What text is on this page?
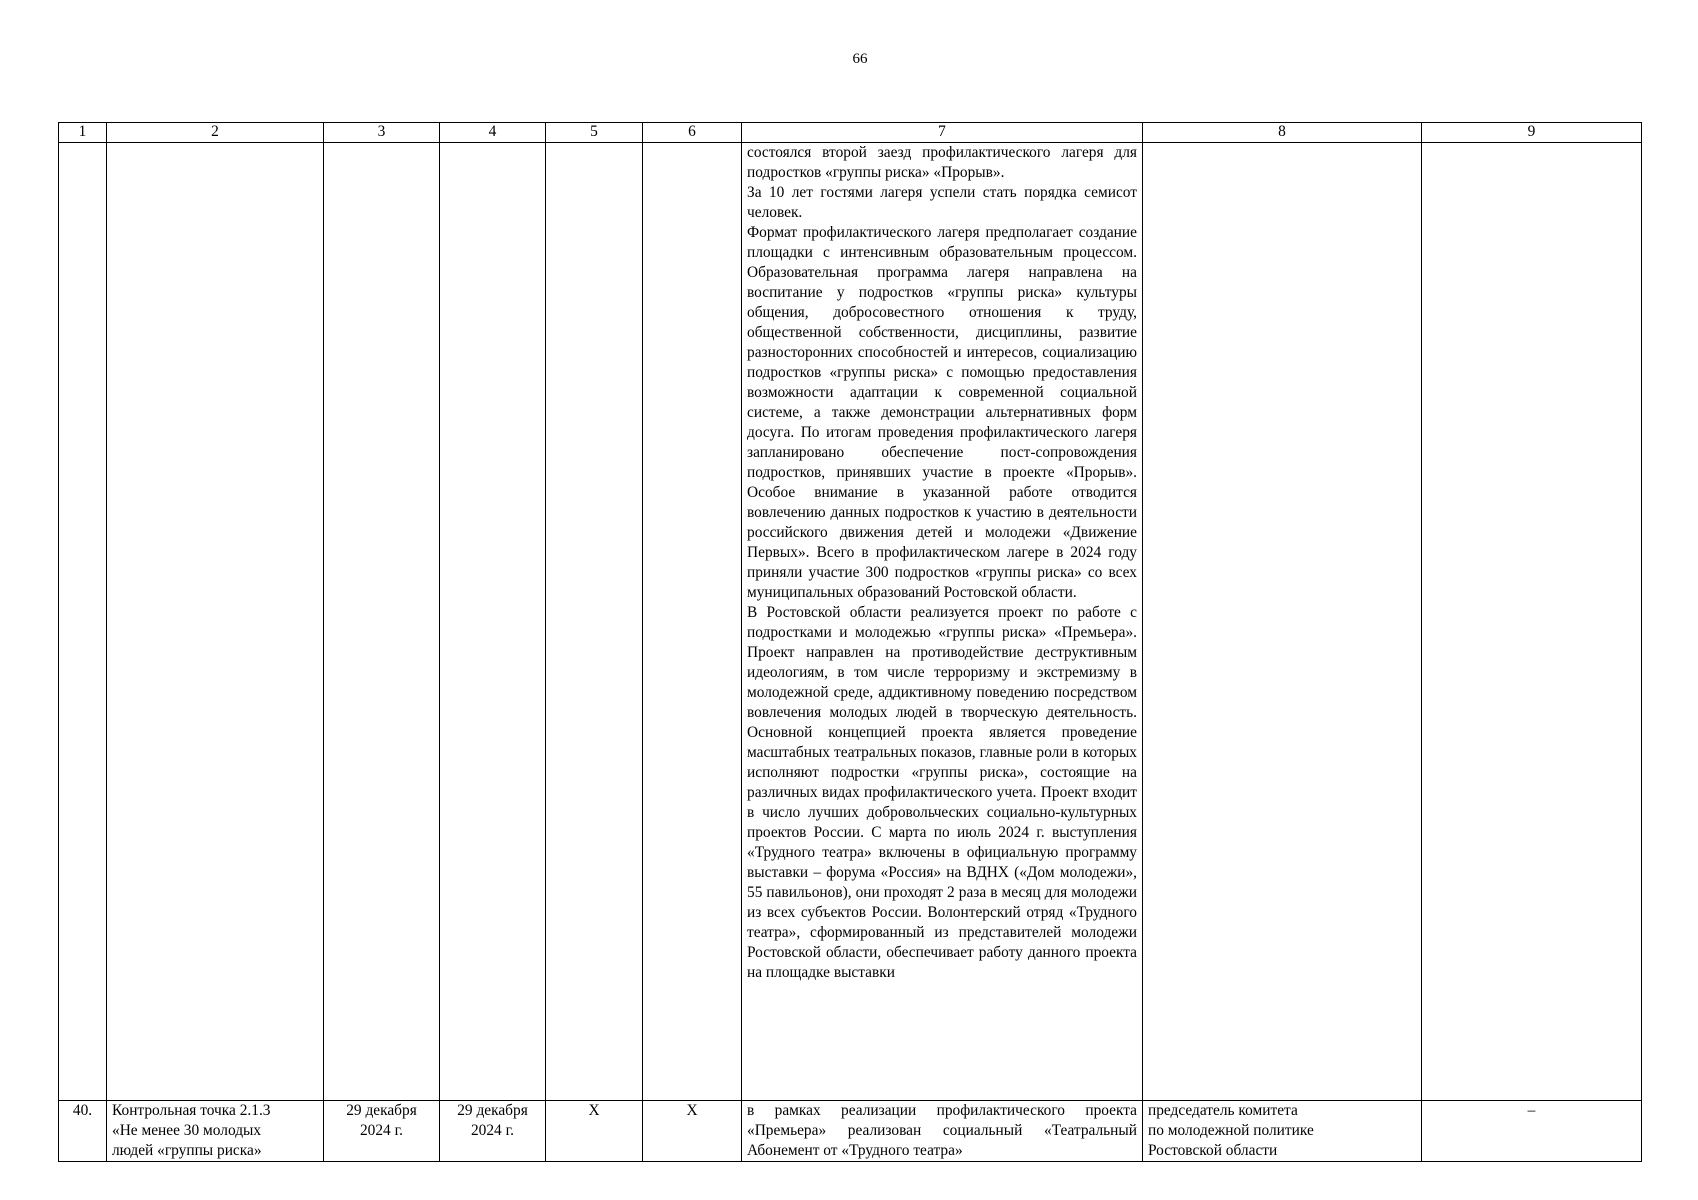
66
1	2	3	4	5	6	7	8	9

						состоялся второй заезд профилактического лагеря для подростков «группы риска» «Прорыв».

За 10 лет гостями лагеря успели стать порядка семисот человек.

Формат профилактического лагеря предполагает создание площадки с интенсивным образовательным процессом. Образовательная программа лагеря направлена на воспитание у подростков «группы риска» культуры общения, добросовестного отношения к труду, общественной собственности, дисциплины, развитие разносторонних способностей и интересов, социализацию подростков «группы риска» с помощью предоставления возможности адаптации к современной социальной системе, а также демонстрации альтернативных форм досуга. По итогам проведения профилактического лагеря запланировано обеспечение пост-сопровождения подростков, принявших участие в проекте «Прорыв». Особое внимание в указанной работе отводится вовлечению данных подростков к участию в деятельности российского движения детей и молодежи «Движение Первых». Всего в профилактическом лагере в 2024 году приняли участие 300 подростков «группы риска» со всех муниципальных образований Ростовской области.

В Ростовской области реализуется проект по работе с подростками и молодежью «группы риска» «Премьера». Проект направлен на противодействие деструктивным идеологиям, в том числе терроризму и экстремизму в молодежной среде, аддиктивному поведению посредством вовлечения молодых людей в творческую деятельность. Основной концепцией проекта является проведение масштабных театральных показов, главные роли в которых исполняют подростки «группы риска», состоящие на различных видах профилактического учета. Проект входит в число лучших добровольческих социально-культурных проектов России. С марта по июль 2024 г. выступления «Трудного театра» включены в официальную программу выставки – форума «Россия» на ВДНХ («Дом молодежи», 55 павильонов), они проходят 2 раза в месяц для молодежи из всех субъектов России. Волонтерский отряд «Трудного театра», сформированный из представителей молодежи Ростовской области, обеспечивает работу данного проекта на площадке выставки		

40.	Контрольная точка 2.1.3
«Не менее 30 молодых
людей «группы риска»	29 декабря
2024 г.	29 декабря
2024 г.	X	X	в рамках реализации профилактического проекта «Премьера» реализован социальный «Театральный Абонемент от «Трудного театра»	председатель комитета
по молодежной политике
Ростовской области	–
